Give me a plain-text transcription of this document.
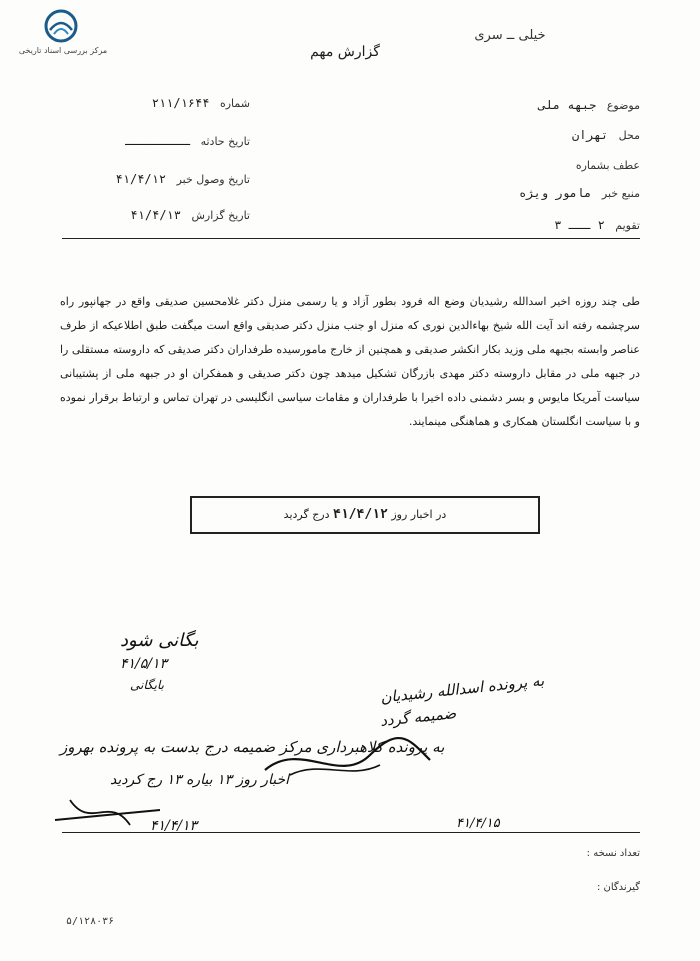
مرکز بررسی اسناد تاریخی
خیلی ــ سری
گزارش مهم
شماره   ۲۱۱/۱۶۴۴
تاریخ حادثه   ـــــــــ
تاریخ وصول خبر   ۴۱/۴/۱۲
تاریخ گزارش   ۴۱/۴/۱۳
موضوع   جبهه ملی
محل   تهران
عطف بشماره
منبع خبر   مامور ویژه
تقویم   ۲ ـــ ۳
طی چند روزه اخیر اسدالله رشیدیان وضع اله فرود بطور آزاد و یا رسمی منزل دکتر غلامحسین صدیقی واقع در جهانپور راه سرچشمه رفته اند آیت الله شیخ بهاءالدین نوری که منزل او جنب منزل دکتر صدیقی واقع است میگفت طبق اطلاعیکه از طرف عناصر وابسته بجبهه ملی وزید بکار انکشر صدیقی و همچنین از خارج مامورسیده طرفداران دکتر صدیقی که داروسته مستقلی را در جبهه ملی در مقابل داروسته دکتر مهدی بازرگان تشکیل میدهد چون دکتر صدیقی و همفکران او در جبهه ملی از پشتیبانی سیاست آمریکا مایوس و بسر دشمنی داده اخیرا با طرفداران و مقامات سیاسی انگلیسی در تهران تماس و ارتباط برقرار نموده و با سیاست انگلستان همکاری و هماهنگی مینمایند.
در اخبار روز ۴۱/۴/۱۲ درج گردید
بگانی شود
۴۱/۵/۱۳
بایگانی	به پرونده اسدالله رشیدیان
ضمیمه گردد
به پرونده کلاهبرداری مرکز ضمیمه درج بدست به پرونده بهروز
اخبار روز ۱۳ بیاره ۱۳ رج کردید
۴۱/۴/۱۳	۴۱/۴/۱۵
تعداد نسخه :
گیرندگان :
۵/۱۲۸۰۳۶
